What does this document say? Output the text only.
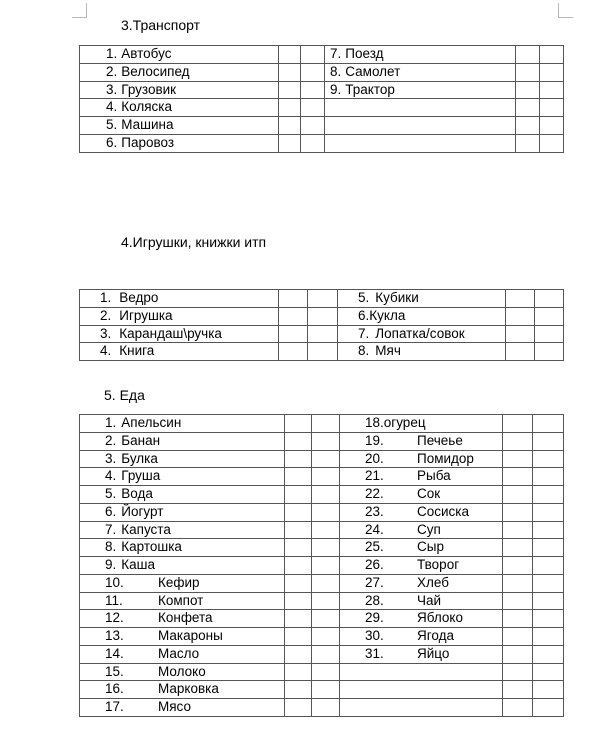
3.Транспорт
1. Автобус			7. Поезд		
2. Велосипед			8. Самолет		
3. Грузовик			9. Трактор		
4. Коляска					
5. Машина					
6. Паровоз					
4.Игрушки, книжки итп
1. Ведро			5. Кубики		
2. Игрушка			6.Кукла		
3. Карандаш\ручка			7. Лопатка/совок		
4. Книга			8. Мяч		
5. Еда
1. Апельсин			18.огурец		
2. Банан			19. Печеье		
3. Булка			20. Помидор		
4. Груша			21. Рыба		
5. Вода			22. Сок		
6. Йогурт			23. Сосиска		
7. Капуста			24. Суп		
8. Картошка			25. Сыр		
9. Каша			26. Творог		
10. Кефир			27. Хлеб		
11. Компот			28. Чай		
12. Конфета			29. Яблоко		
13. Макароны			30. Ягода		
14. Масло			31. Яйцо		
15. Молоко					
16. Марковка					
17. Мясо					
